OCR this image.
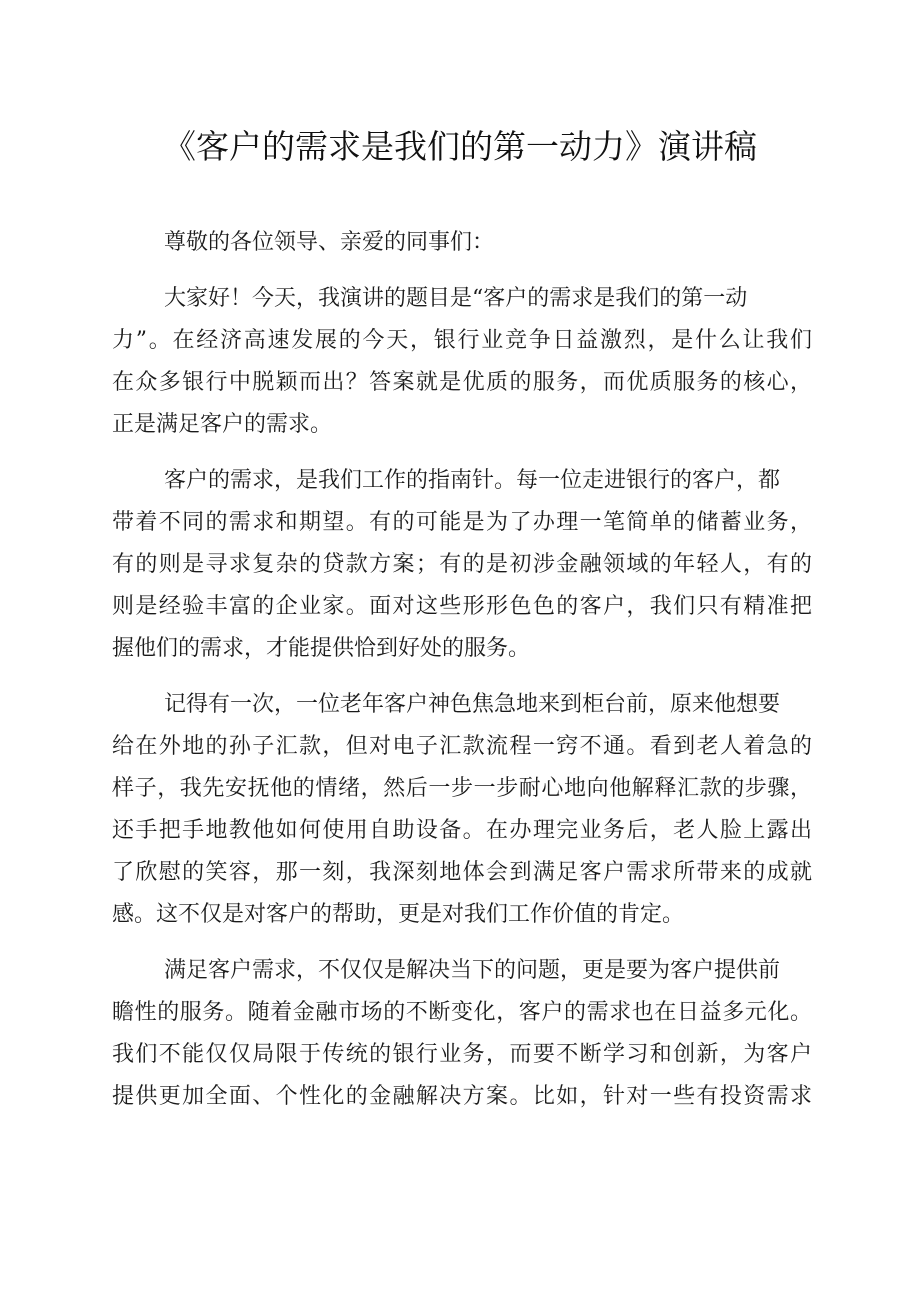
《客户的需求是我们的第一动力》演讲稿
尊敬的各位领导、亲爱的同事们：
大家好！今天，我演讲的题目是“客户的需求是我们的第一动
力”。在经济高速发展的今天，银行业竞争日益激烈，是什么让我们
在众多银行中脱颖而出？答案就是优质的服务，而优质服务的核心，
正是满足客户的需求。
客户的需求，是我们工作的指南针。每一位走进银行的客户，都
带着不同的需求和期望。有的可能是为了办理一笔简单的储蓄业务，
有的则是寻求复杂的贷款方案；有的是初涉金融领域的年轻人，有的
则是经验丰富的企业家。面对这些形形色色的客户，我们只有精准把
握他们的需求，才能提供恰到好处的服务。
记得有一次，一位老年客户神色焦急地来到柜台前，原来他想要
给在外地的孙子汇款，但对电子汇款流程一窍不通。看到老人着急的
样子，我先安抚他的情绪，然后一步一步耐心地向他解释汇款的步骤，
还手把手地教他如何使用自助设备。在办理完业务后，老人脸上露出
了欣慰的笑容，那一刻，我深刻地体会到满足客户需求所带来的成就
感。这不仅是对客户的帮助，更是对我们工作价值的肯定。
满足客户需求，不仅仅是解决当下的问题，更是要为客户提供前
瞻性的服务。随着金融市场的不断变化，客户的需求也在日益多元化。
我们不能仅仅局限于传统的银行业务，而要不断学习和创新，为客户
提供更加全面、个性化的金融解决方案。比如，针对一些有投资需求
